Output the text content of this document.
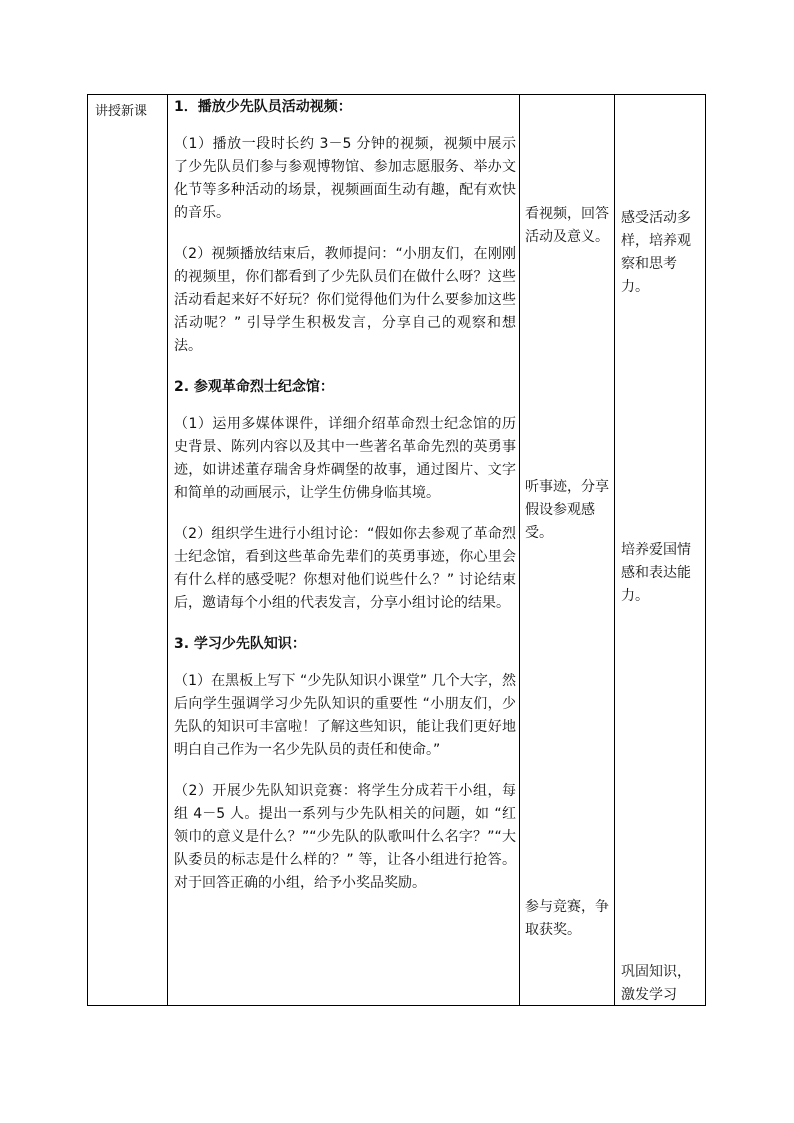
讲授新课	1．播放少先队员活动视频：

（1）播放一段时长约 3－5 分钟的视频，视频中展示了少先队员们参与参观博物馆、参加志愿服务、举办文化节等多种活动的场景，视频画面生动有趣，配有欢快的音乐。

（2）视频播放结束后，教师提问：“小朋友们，在刚刚的视频里，你们都看到了少先队员们在做什么呀？这些活动看起来好不好玩？你们觉得他们为什么要参加这些活动呢？” 引导学生积极发言，分享自己的观察和想法。

2. 参观革命烈士纪念馆：

（1）运用多媒体课件，详细介绍革命烈士纪念馆的历史背景、陈列内容以及其中一些著名革命先烈的英勇事迹，如讲述董存瑞舍身炸碉堡的故事，通过图片、文字和简单的动画展示，让学生仿佛身临其境。

（2）组织学生进行小组讨论：“假如你去参观了革命烈士纪念馆，看到这些革命先辈们的英勇事迹，你心里会有什么样的感受呢？你想对他们说些什么？” 讨论结束后，邀请每个小组的代表发言，分享小组讨论的结果。

3. 学习少先队知识：

（1）在黑板上写下 “少先队知识小课堂” 几个大字，然后向学生强调学习少先队知识的重要性 “小朋友们，少先队的知识可丰富啦！了解这些知识，能让我们更好地明白自己作为一名少先队员的责任和使命。”

（2）开展少先队知识竞赛：将学生分成若干小组，每组 4－5 人。提出一系列与少先队相关的问题，如 “红领巾的意义是什么？”“少先队的队歌叫什么名字？”“大队委员的标志是什么样的？” 等，让各小组进行抢答。对于回答正确的小组，给予小奖品奖励。

看视频，回答活动及意义。
听事迹，分享假设参观感受。
参与竞赛，争取获奖。
感受活动多样，培养观察和思考力。
培养爱国情感和表达能力。
巩固知识，激发学习
